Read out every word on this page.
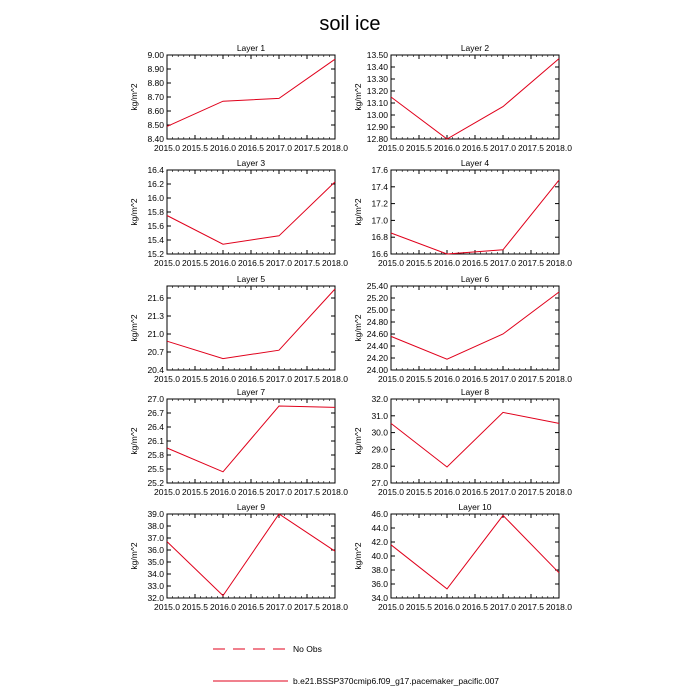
soil ice
Layer 1
kg/m^2
2015.0 2015.5 2016.0 2016.5 2017.0 2017.5 2018.0
8.40
8.50
8.60
8.70
8.80
8.90
9.00
Layer 2
kg/m^2
2015.0 2015.5 2016.0 2016.5 2017.0 2017.5 2018.0
12.80
12.90
13.00
13.10
13.20
13.30
13.40
13.50
Layer 3
kg/m^2
2015.0 2015.5 2016.0 2016.5 2017.0 2017.5 2018.0
15.2
15.4
15.6
15.8
16.0
16.2
16.4
Layer 4
kg/m^2
2015.0 2015.5 2016.0 2016.5 2017.0 2017.5 2018.0
16.6
16.8
17.0
17.2
17.4
17.6
Layer 5
kg/m^2
2015.0 2015.5 2016.0 2016.5 2017.0 2017.5 2018.0
20.4
20.7
21.0
21.3
21.6
Layer 6
kg/m^2
2015.0 2015.5 2016.0 2016.5 2017.0 2017.5 2018.0
24.00
24.20
24.40
24.60
24.80
25.00
25.20
25.40
Layer 7
kg/m^2
2015.0 2015.5 2016.0 2016.5 2017.0 2017.5 2018.0
25.2
25.5
25.8
26.1
26.4
26.7
27.0
Layer 8
kg/m^2
2015.0 2015.5 2016.0 2016.5 2017.0 2017.5 2018.0
27.0
28.0
29.0
30.0
31.0
32.0
Layer 9
kg/m^2
2015.0 2015.5 2016.0 2016.5 2017.0 2017.5 2018.0
32.0
33.0
34.0
35.0
36.0
37.0
38.0
39.0
Layer 10
kg/m^2
2015.0 2015.5 2016.0 2016.5 2017.0 2017.5 2018.0
34.0
36.0
38.0
40.0
42.0
44.0
46.0
No Obs
b.e21.BSSP370cmip6.f09_g17.pacemaker_pacific.007
